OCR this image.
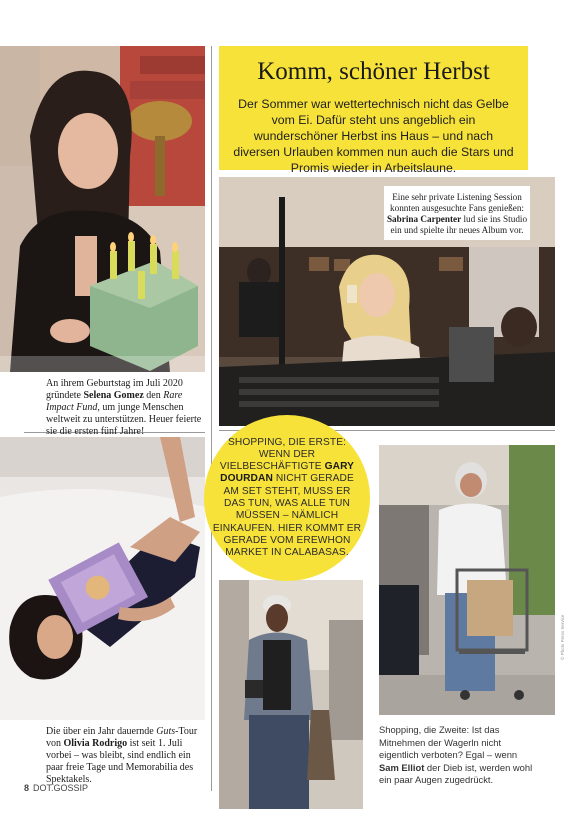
An ihrem Geburtstag im Juli 2020 gründete Selena Gomez den Rare Impact Fund, um junge Menschen weltweit zu unterstützen. Heuer feierte sie die ersten fünf Jahre!
Die über ein Jahr dauernde Guts-Tour von Olivia Rodrigo ist seit 1. Juli vorbei – was bleibt, sind endlich ein paar freie Tage und Memorabilia des Spektakels.
Komm, schöner Herbst
Der Sommer war wettertechnisch nicht das Gelbe vom Ei. Dafür steht uns angeblich ein wunderschöner Herbst ins Haus – und nach diversen Urlauben kommen nun auch die Stars und Promis wieder in Arbeitslaune.
Eine sehr private Listening Session konnten ausgesuchte Fans genießen: Sabrina Carpenter lud sie ins Studio ein und spielte ihr neues Album vor.
SHOPPING, DIE ERSTE: WENN DER VIELBESCHÄFTIGTE GARY DOURDAN NICHT GERADE AM SET STEHT, MUSS ER DAS TUN, WAS ALLE TUN MÜSSEN – NÄMLICH EINKAUFEN. HIER KOMMT ER GERADE VOM EREWHON MARKET IN CALABASAS.
Shopping, die Zweite: Ist das Mitnehmen der Wagerln nicht eigentlich verboten? Egal – wenn Sam Elliot der Dieb ist, werden wohl ein paar Augen zugedrückt.
© Photo Press Service
8 DOT.GOSSIP
